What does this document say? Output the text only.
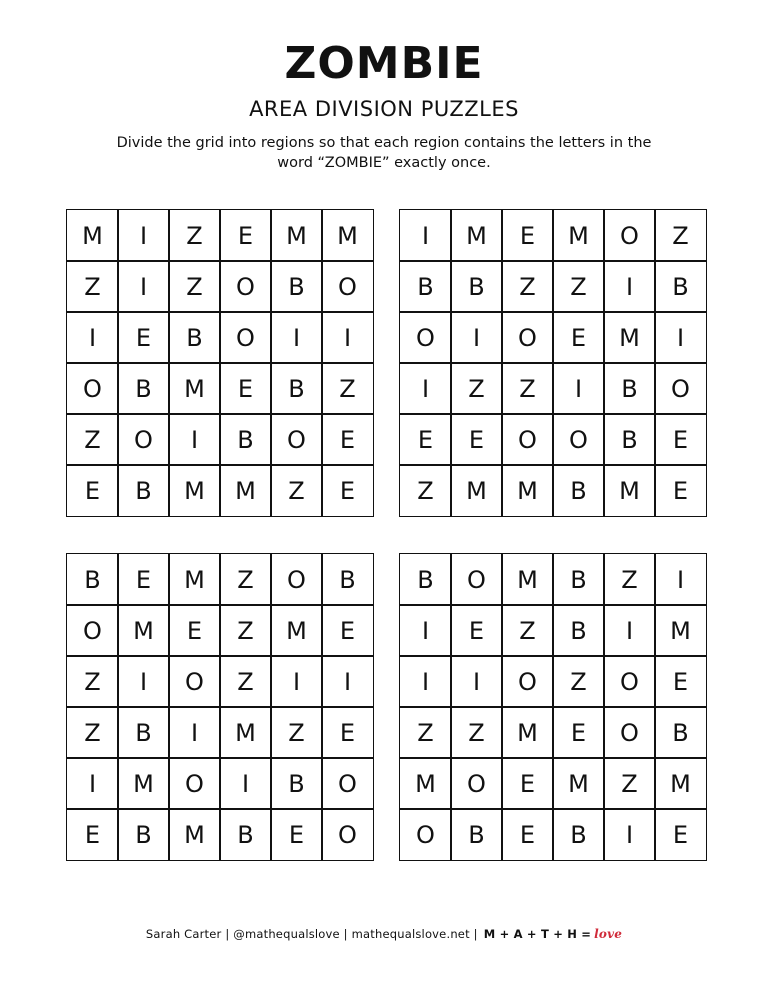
ZOMBIE
AREA DIVISION PUZZLES
Divide the grid into regions so that each region contains the letters in the word “ZOMBIE” exactly once.
M	I	Z	E	M	M
Z	I	Z	O	B	O
I	E	B	O	I	I
O	B	M	E	B	Z
Z	O	I	B	O	E
E	B	M	M	Z	E
I	M	E	M	O	Z
B	B	Z	Z	I	B
O	I	O	E	M	I
I	Z	Z	I	B	O
E	E	O	O	B	E
Z	M	M	B	M	E
B	E	M	Z	O	B
O	M	E	Z	M	E
Z	I	O	Z	I	I
Z	B	I	M	Z	E
I	M	O	I	B	O
E	B	M	B	E	O
B	O	M	B	Z	I
I	E	Z	B	I	M
I	I	O	Z	O	E
Z	Z	M	E	O	B
M	O	E	M	Z	M
O	B	E	B	I	E
Sarah Carter | @mathequalslove | mathequalslove.net | M + A + T + H = love
